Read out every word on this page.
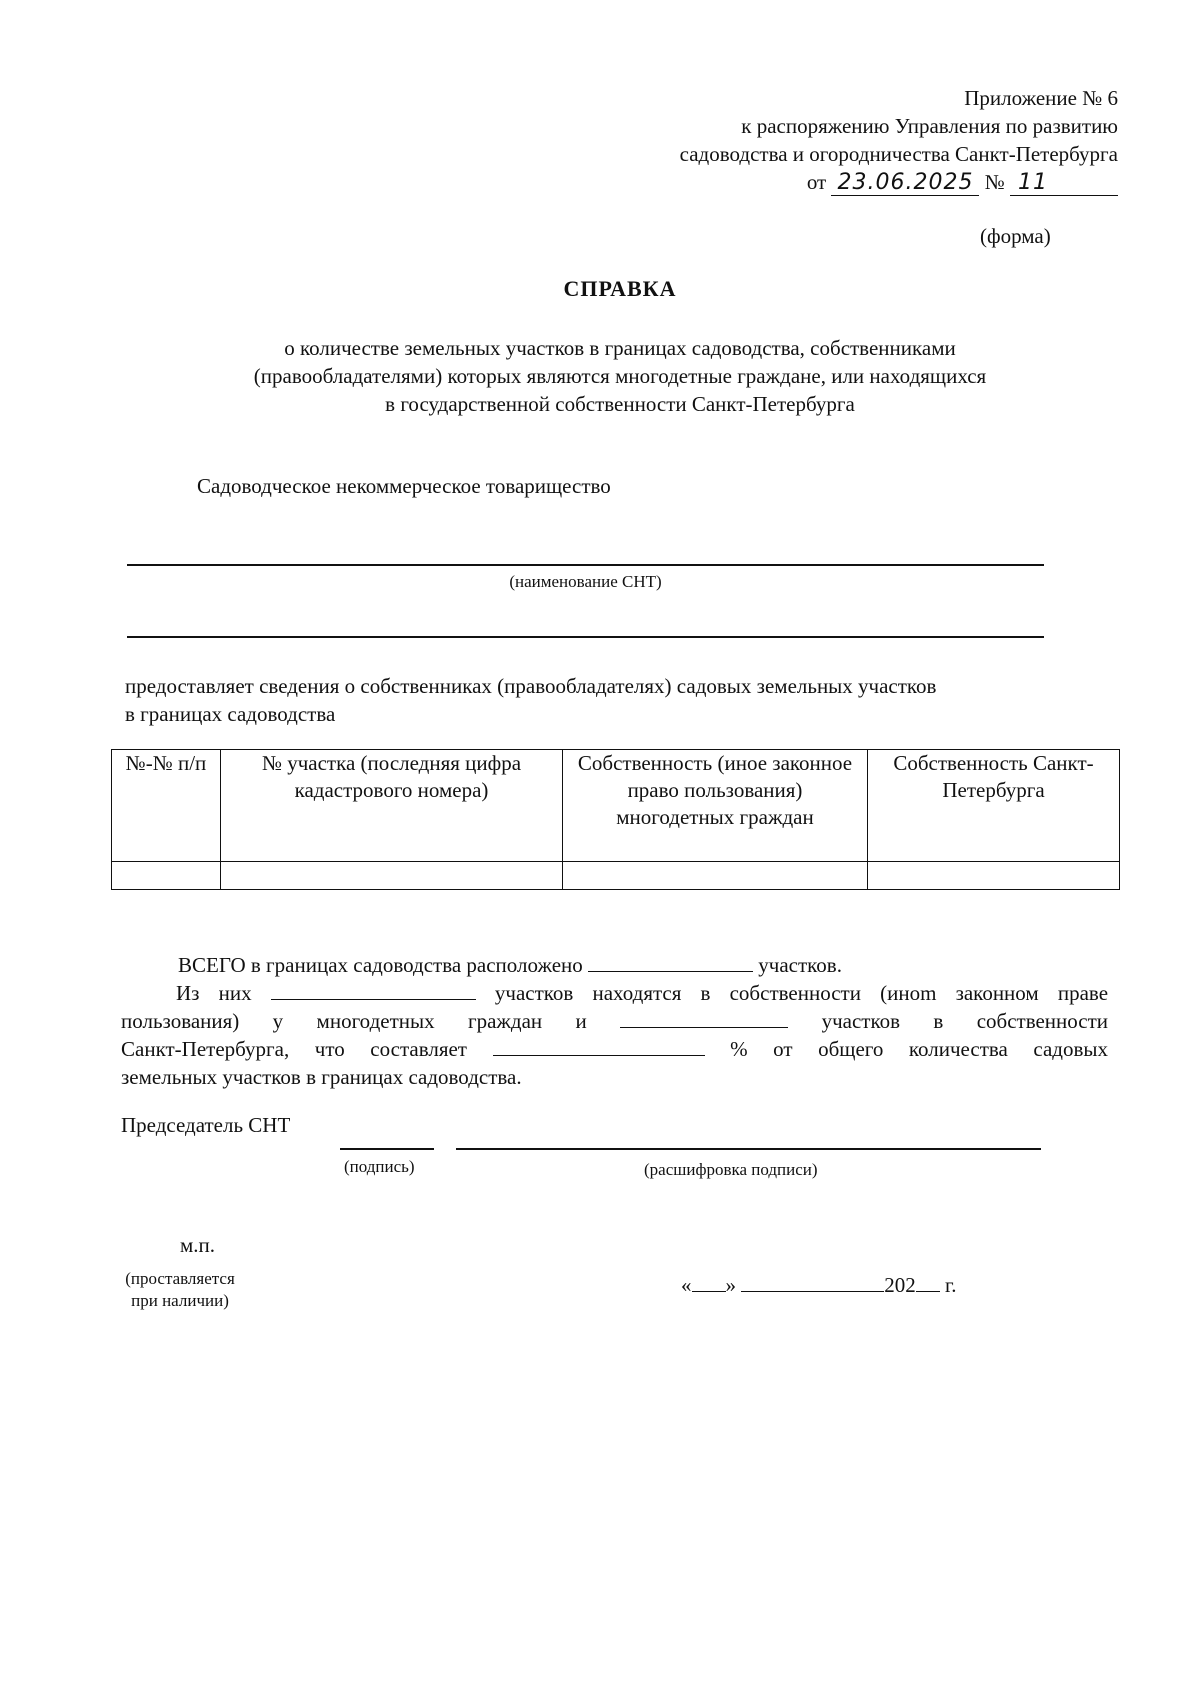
Приложение № 6
к распоряжению Управления по развитию
садоводства и огородничества Санкт-Петербурга
от 23.06.2025 № 11
(форма)
СПРАВКА
о количестве земельных участков в границах садоводства, собственниками
(правообладателями) которых являются многодетные граждане, или находящихся
в государственной собственности Санкт-Петербурга
Садоводческое некоммерческое товарищество
(наименование СНТ)
предоставляет сведения о собственниках (правообладателях) садовых земельных участков
в границах садоводства
№-№ п/п	№ участка (последняя цифра кадастрового номера)	Собственность (иное законное право пользования) многодетных граждан	Собственность Санкт-Петербурга

ВСЕГО в границах садоводства расположено	участков.
Из них	участков находятся в собственности (иноm законном праве
пользования) у многодетных граждан и	участков в собственности
Санкт-Петербурга, что составляет	% от общего количества садовых
земельных участков в границах садоводства.
Председатель СНТ
(подпись)	(расшифровка подписи)
м.п.
(проставляется
при наличии)
« »	202 г.
